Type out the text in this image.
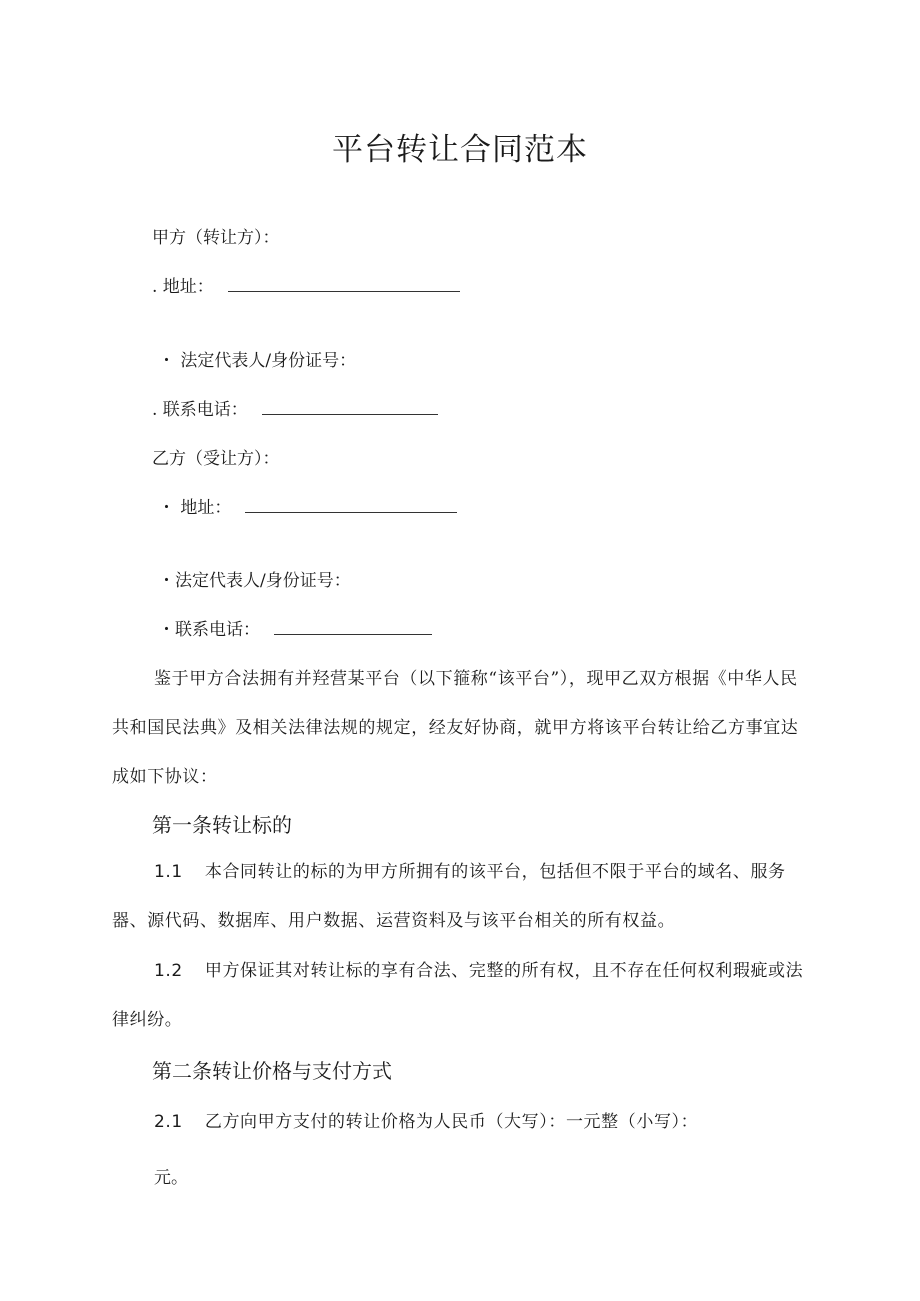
平台转让合同范本
甲方（转让方）：
. 地址：
・ 法定代表人/身份证号：
. 联系电话：
乙方（受让方）：
・ 地址：
・法定代表人/身份证号：
・联系电话：
鉴于甲方合法拥有并羟营某平台（以下箍称“该平台”），现甲乙双方根据《中华人民共和国民法典》及相关法律法规的规定，经友好协商，就甲方将该平台转让给乙方事宜达成如下协议：
第一条转让标的
1.1 本合同转让的标的为甲方所拥有的该平台，包括但不限于平台的域名、服务器、源代码、数据库、用户数据、运营资料及与该平台相关的所有权益。
1.2 甲方保证其对转让标的享有合法、完整的所有权，且不存在任何权利瑕疵或法律纠纷。
第二条转让价格与支付方式
2.1 乙方向甲方支付的转让价格为人民币（大写）：一元整（小写）：
元。
